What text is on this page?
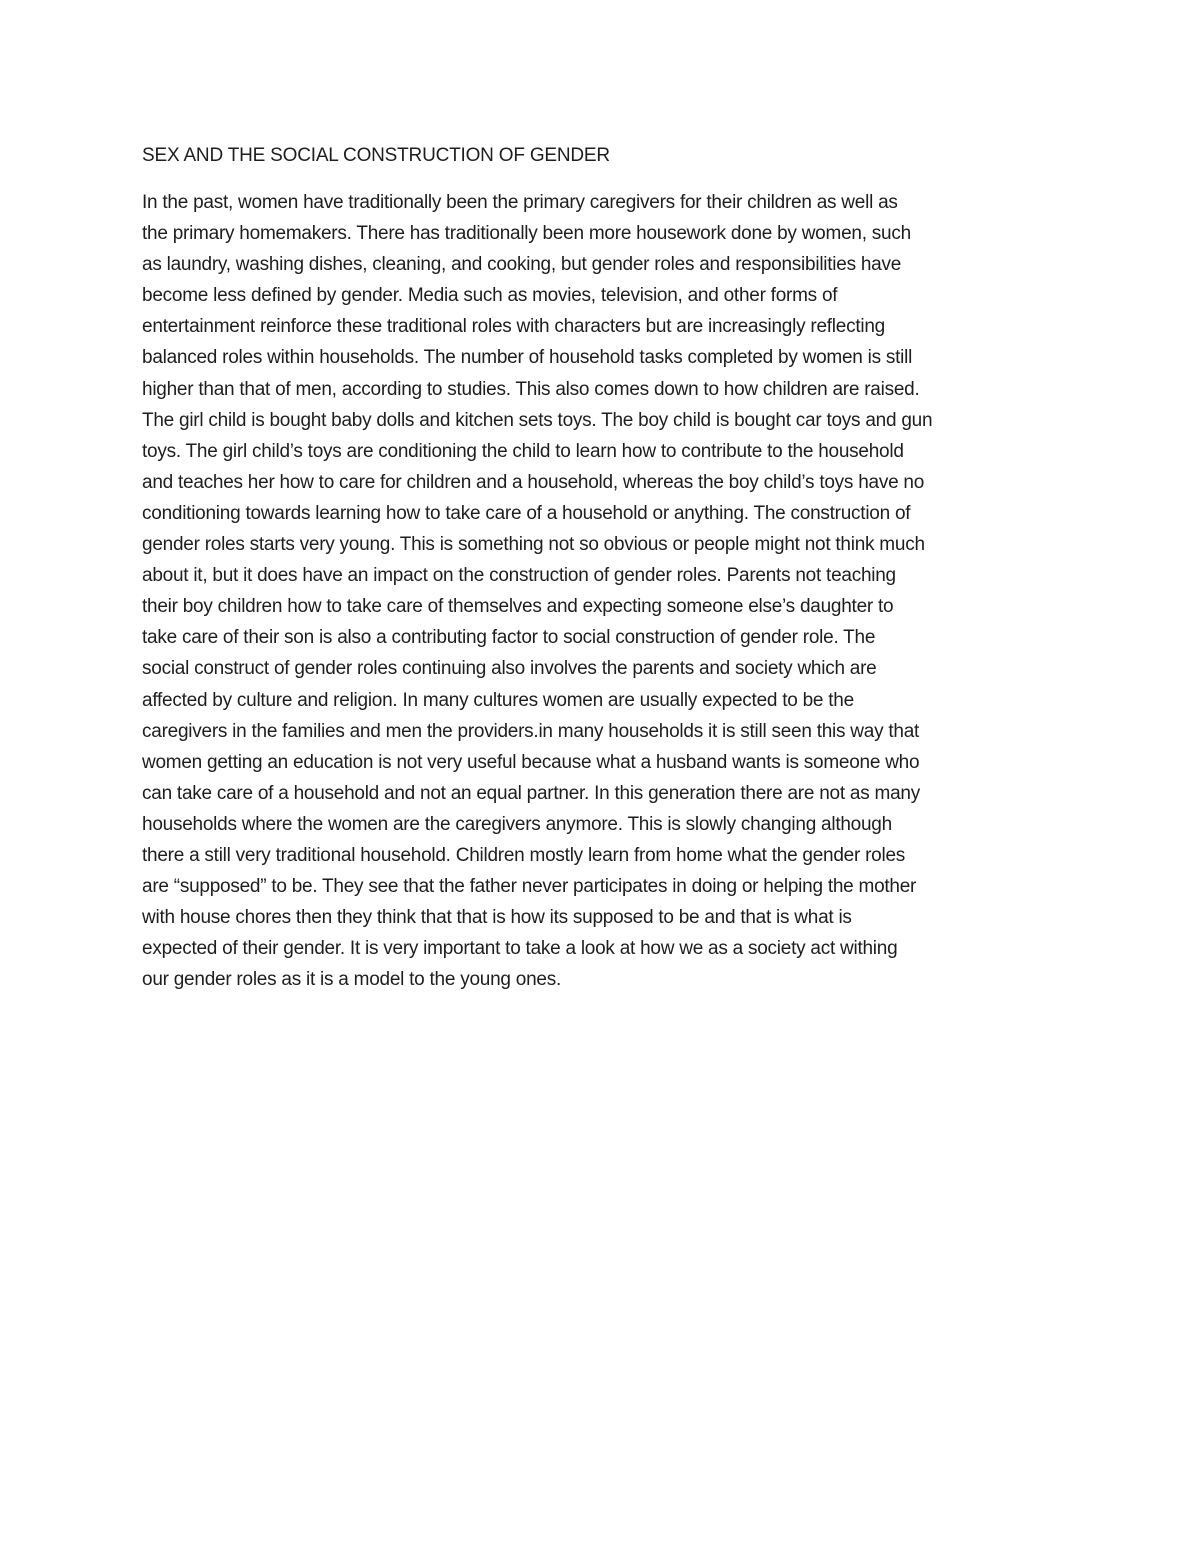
SEX AND THE SOCIAL CONSTRUCTION OF GENDER
In the past, women have traditionally been the primary caregivers for their children as well as
the primary homemakers. There has traditionally been more housework done by women, such
as laundry, washing dishes, cleaning, and cooking, but gender roles and responsibilities have
become less defined by gender. Media such as movies, television, and other forms of
entertainment reinforce these traditional roles with characters but are increasingly reflecting
balanced roles within households. The number of household tasks completed by women is still
higher than that of men, according to studies. This also comes down to how children are raised.
The girl child is bought baby dolls and kitchen sets toys. The boy child is bought car toys and gun
toys. The girl child’s toys are conditioning the child to learn how to contribute to the household
and teaches her how to care for children and a household, whereas the boy child’s toys have no
conditioning towards learning how to take care of a household or anything. The construction of
gender roles starts very young. This is something not so obvious or people might not think much
about it, but it does have an impact on the construction of gender roles. Parents not teaching
their boy children how to take care of themselves and expecting someone else’s daughter to
take care of their son is also a contributing factor to social construction of gender role. The
social construct of gender roles continuing also involves the parents and society which are
affected by culture and religion. In many cultures women are usually expected to be the
caregivers in the families and men the providers.in many households it is still seen this way that
women getting an education is not very useful because what a husband wants is someone who
can take care of a household and not an equal partner. In this generation there are not as many
households where the women are the caregivers anymore. This is slowly changing although
there a still very traditional household. Children mostly learn from home what the gender roles
are “supposed” to be. They see that the father never participates in doing or helping the mother
with house chores then they think that that is how its supposed to be and that is what is
expected of their gender. It is very important to take a look at how we as a society act withing
our gender roles as it is a model to the young ones.
